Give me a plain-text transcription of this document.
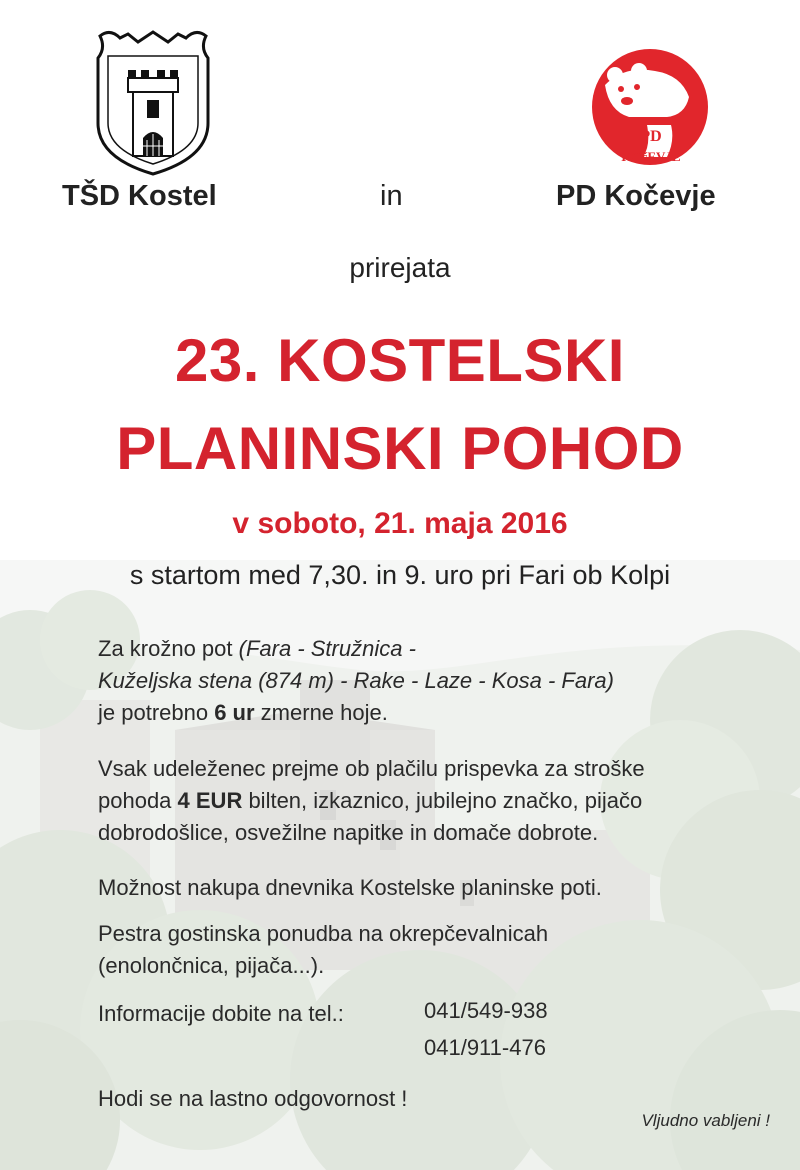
PD
KOčEVJE
TŠD Kostel	in	PD Kočevje
prirejata
23. KOSTELSKI
PLANINSKI POHOD
v soboto, 21. maja 2016
s startom med 7,30. in 9. uro pri Fari ob Kolpi
Za krožno pot (Fara - Stružnica -
Kuželjska stena (874 m) - Rake - Laze - Kosa - Fara)
je potrebno 6 ur zmerne hoje.
Vsak udeleženec prejme ob plačilu prispevka za stroške
pohoda 4 EUR bilten, izkaznico, jubilejno značko, pijačo
dobrodošlice, osvežilne napitke in domače dobrote.
Možnost nakupa dnevnika Kostelske planinske poti.
Pestra gostinska ponudba na okrepčevalnicah
(enolončnica, pijača...).
Informacije dobite na tel.:	041/549-938
041/911-476
Hodi se na lastno odgovornost !
Vljudno vabljeni !
